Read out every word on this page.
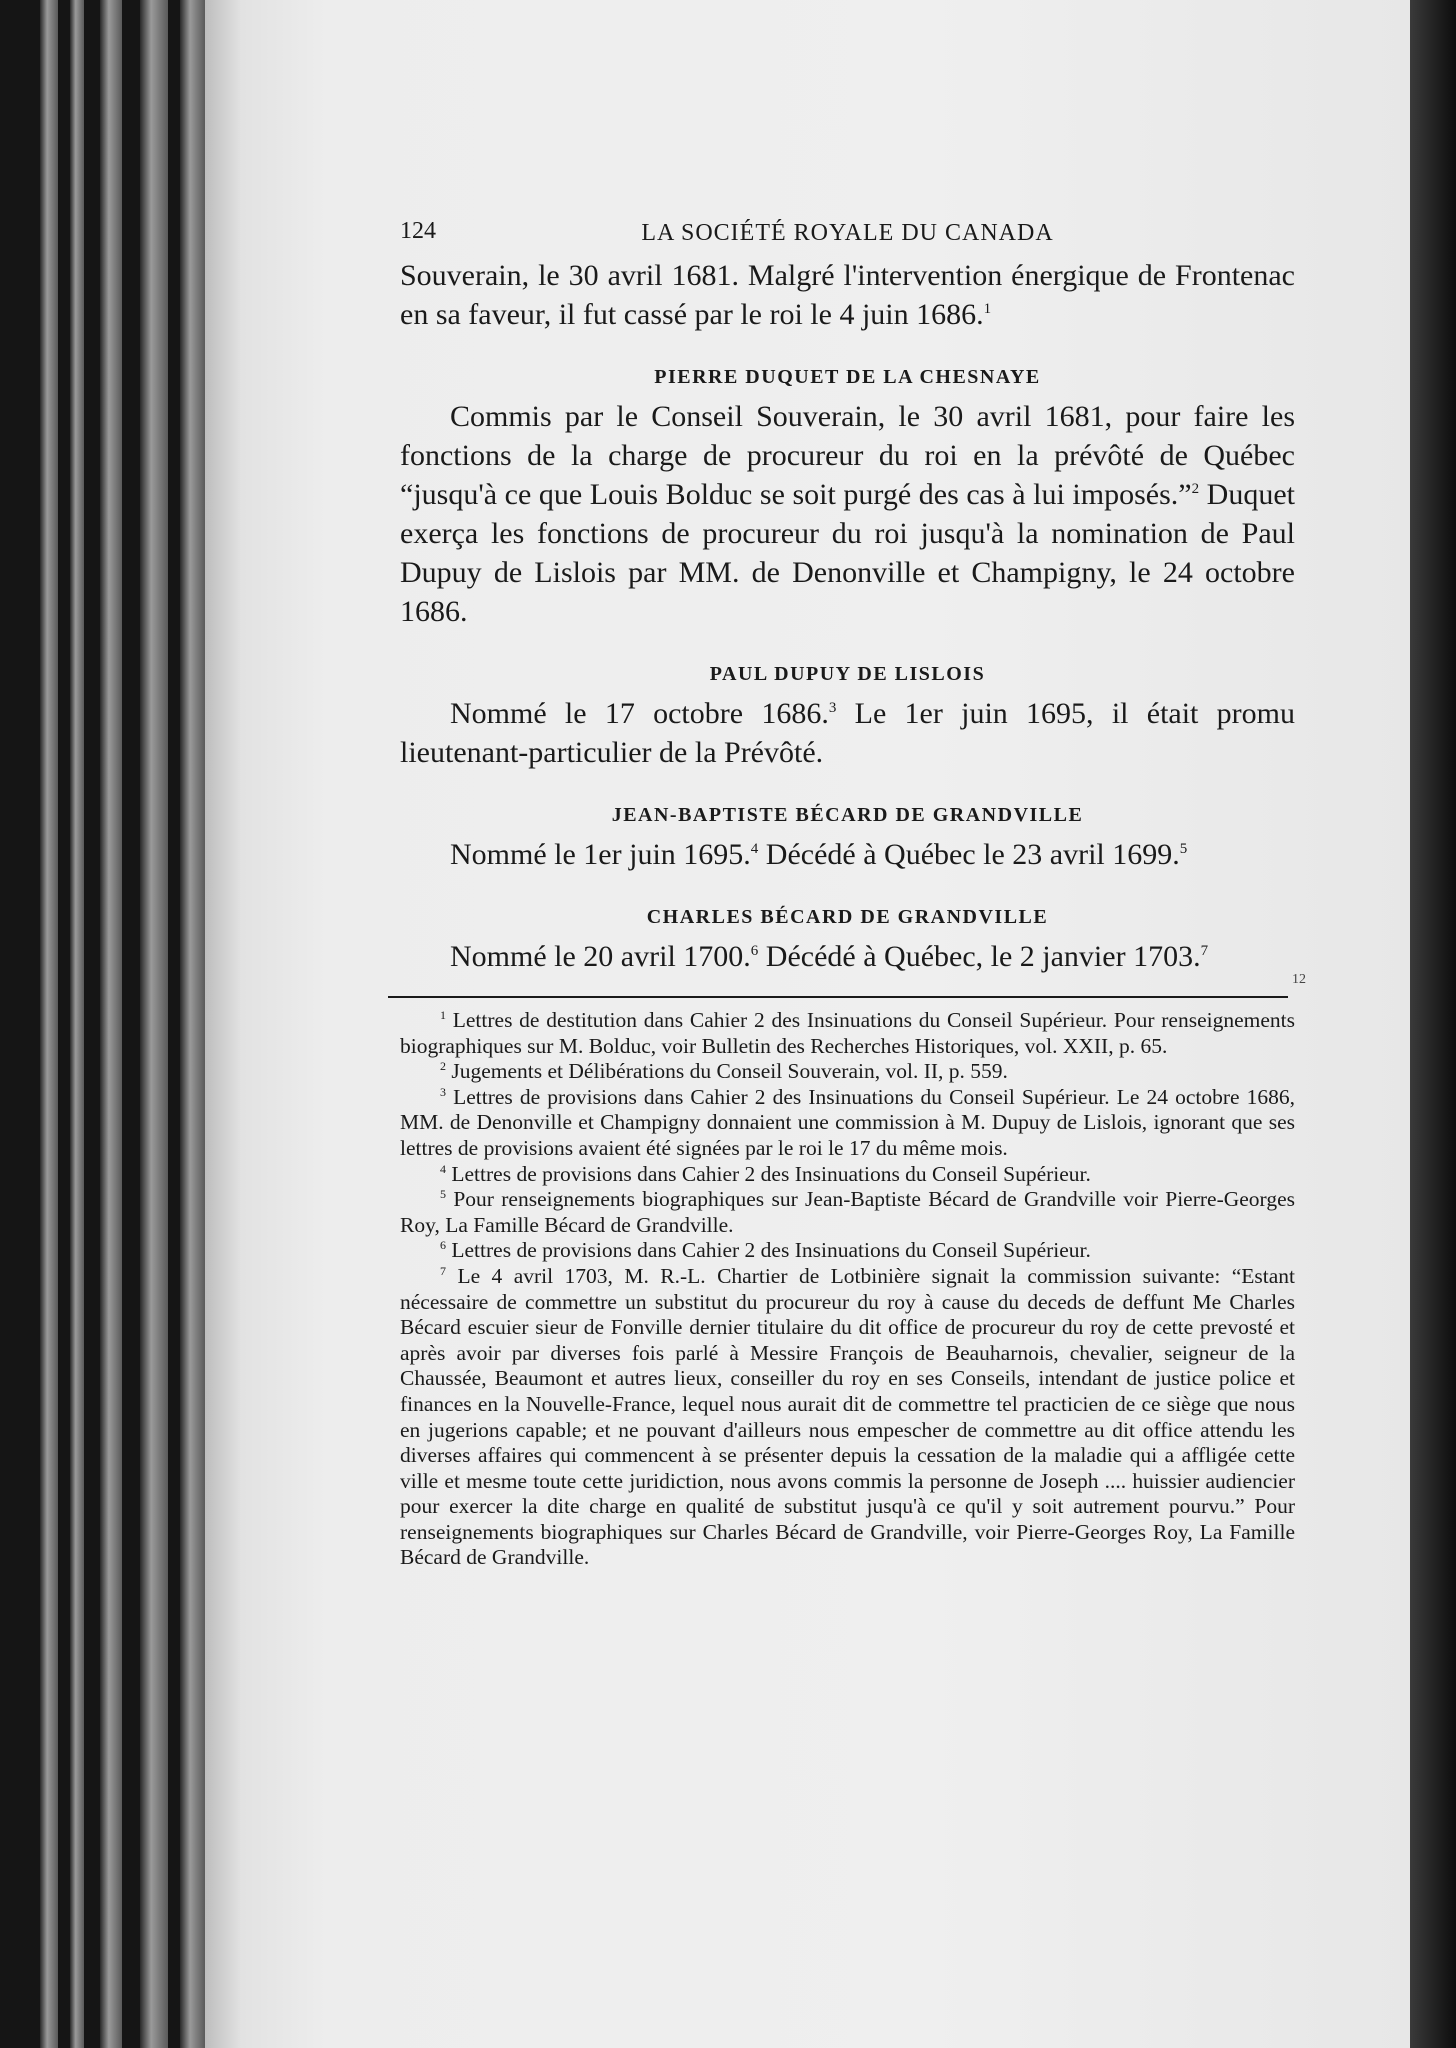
12
124	LA SOCIÉTÉ ROYALE DU CANADA

Souverain, le 30 avril 1681. Malgré l'intervention énergique de Frontenac en sa faveur, il fut cassé par le roi le 4 juin 1686.$^1$

PIERRE DUQUET DE LA CHESNAYE

Commis par le Conseil Souverain, le 30 avril 1681, pour faire les fonctions de la charge de procureur du roi en la prévôté de Québec “jusqu'à ce que Louis Bolduc se soit purgé des cas à lui imposés.”$^2$ Duquet exerça les fonctions de procureur du roi jusqu'à la nomination de Paul Dupuy de Lislois par MM. de Denonville et Champigny, le 24 octobre 1686.

PAUL DUPUY DE LISLOIS

Nommé le 17 octobre 1686.$^3$ Le 1er juin 1695, il était promu lieutenant-particulier de la Prévôté.

JEAN-BAPTISTE BÉCARD DE GRANDVILLE

Nommé le 1er juin 1695.$^4$ Décédé à Québec le 23 avril 1699.$^5$

CHARLES BÉCARD DE GRANDVILLE

Nommé le 20 avril 1700.$^6$ Décédé à Québec, le 2 janvier 1703.$^7$

$^1$ Lettres de destitution dans Cahier 2 des Insinuations du Conseil Supérieur. Pour renseignements biographiques sur M. Bolduc, voir Bulletin des Recherches Historiques, vol. XXII, p. 65.

$^2$ Jugements et Délibérations du Conseil Souverain, vol. II, p. 559.

$^3$ Lettres de provisions dans Cahier 2 des Insinuations du Conseil Supérieur. Le 24 octobre 1686, MM. de Denonville et Champigny donnaient une commission à M. Dupuy de Lislois, ignorant que ses lettres de provisions avaient été signées par le roi le 17 du même mois.

$^4$ Lettres de provisions dans Cahier 2 des Insinuations du Conseil Supérieur.

$^5$ Pour renseignements biographiques sur Jean-Baptiste Bécard de Grandville voir Pierre-Georges Roy, La Famille Bécard de Grandville.

$^6$ Lettres de provisions dans Cahier 2 des Insinuations du Conseil Supérieur.

$^7$ Le 4 avril 1703, M. R.-L. Chartier de Lotbinière signait la commission suivante: “Estant nécessaire de commettre un substitut du procureur du roy à cause du deceds de deffunt Me Charles Bécard escuier sieur de Fonville dernier titulaire du dit office de procureur du roy de cette prevosté et après avoir par diverses fois parlé à Messire François de Beauharnois, chevalier, seigneur de la Chaussée, Beaumont et autres lieux, conseiller du roy en ses Conseils, intendant de justice police et finances en la Nouvelle-France, lequel nous aurait dit de commettre tel practicien de ce siège que nous en jugerions capable; et ne pouvant d'ailleurs nous empescher de commettre au dit office attendu les diverses affaires qui commencent à se présenter depuis la cessation de la maladie qui a affligée cette ville et mesme toute cette juridiction, nous avons commis la personne de Joseph .... huissier audiencier pour exercer la dite charge en qualité de substitut jusqu'à ce qu'il y soit autrement pourvu.” Pour renseignements biographiques sur Charles Bécard de Grandville, voir Pierre-Georges Roy, La Famille Bécard de Grandville.
